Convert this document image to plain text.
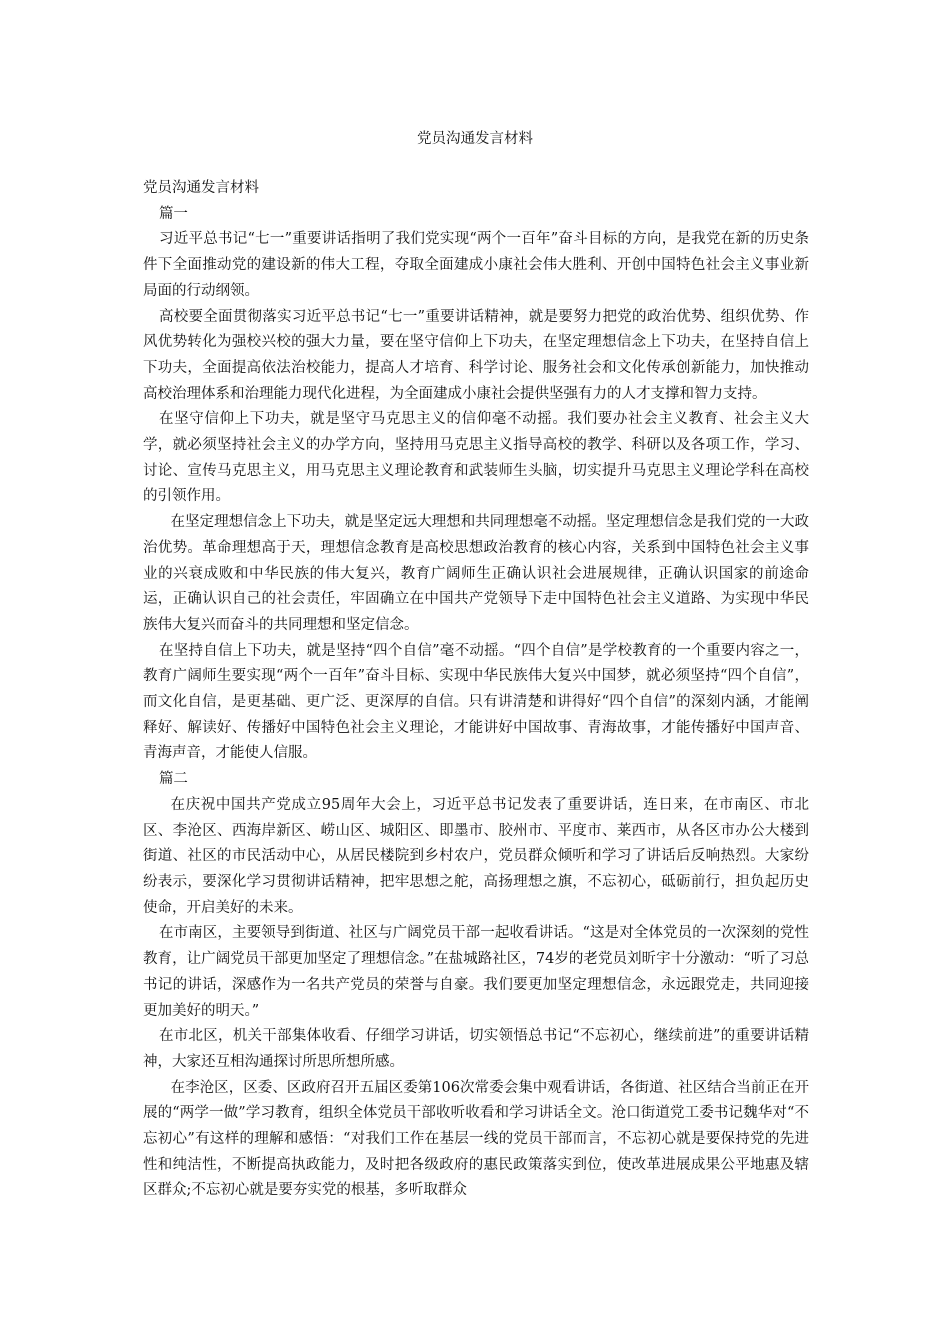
党员沟通发言材料

党员沟通发言材料

篇一

习近平总书记“七一”重要讲话指明了我们党实现“两个一百年”奋斗目标的方向，是我党在新的历史条件下全面推动党的建设新的伟大工程，夺取全面建成小康社会伟大胜利、开创中国特色社会主义事业新局面的行动纲领。

高校要全面贯彻落实习近平总书记“七一”重要讲话精神，就是要努力把党的政治优势、组织优势、作风优势转化为强校兴校的强大力量，要在坚守信仰上下功夫，在坚定理想信念上下功夫，在坚持自信上下功夫，全面提高依法治校能力，提高人才培育、科学讨论、服务社会和文化传承创新能力，加快推动高校治理体系和治理能力现代化进程，为全面建成小康社会提供坚强有力的人才支撑和智力支持。

在坚守信仰上下功夫，就是坚守马克思主义的信仰毫不动摇。我们要办社会主义教育、社会主义大学，就必须坚持社会主义的办学方向，坚持用马克思主义指导高校的教学、科研以及各项工作，学习、讨论、宣传马克思主义，用马克思主义理论教育和武装师生头脑，切实提升马克思主义理论学科在高校的引领作用。

在坚定理想信念上下功夫，就是坚定远大理想和共同理想毫不动摇。坚定理想信念是我们党的一大政治优势。革命理想高于天，理想信念教育是高校思想政治教育的核心内容，关系到中国特色社会主义事业的兴衰成败和中华民族的伟大复兴，教育广阔师生正确认识社会进展规律，正确认识国家的前途命运，正确认识自己的社会责任，牢固确立在中国共产党领导下走中国特色社会主义道路、为实现中华民族伟大复兴而奋斗的共同理想和坚定信念。

在坚持自信上下功夫，就是坚持“四个自信”毫不动摇。“四个自信”是学校教育的一个重要内容之一，教育广阔师生要实现“两个一百年”奋斗目标、实现中华民族伟大复兴中国梦，就必须坚持“四个自信”，而文化自信，是更基础、更广泛、更深厚的自信。只有讲清楚和讲得好“四个自信”的深刻内涵，才能阐释好、解读好、传播好中国特色社会主义理论，才能讲好中国故事、青海故事，才能传播好中国声音、青海声音，才能使人信服。

篇二

在庆祝中国共产党成立95周年大会上，习近平总书记发表了重要讲话，连日来，在市南区、市北区、李沧区、西海岸新区、崂山区、城阳区、即墨市、胶州市、平度市、莱西市，从各区市办公大楼到街道、社区的市民活动中心，从居民楼院到乡村农户，党员群众倾听和学习了讲话后反响热烈。大家纷纷表示，要深化学习贯彻讲话精神，把牢思想之舵，高扬理想之旗，不忘初心，砥砺前行，担负起历史使命，开启美好的未来。

在市南区，主要领导到街道、社区与广阔党员干部一起收看讲话。“这是对全体党员的一次深刻的党性教育，让广阔党员干部更加坚定了理想信念。”在盐城路社区，74岁的老党员刘昕宇十分激动：“听了习总书记的讲话，深感作为一名共产党员的荣誉与自豪。我们要更加坚定理想信念，永远跟党走，共同迎接更加美好的明天。”

在市北区，机关干部集体收看、仔细学习讲话，切实领悟总书记“不忘初心，继续前进”的重要讲话精神，大家还互相沟通探讨所思所想所感。

在李沧区，区委、区政府召开五届区委第106次常委会集中观看讲话，各街道、社区结合当前正在开展的“两学一做”学习教育，组织全体党员干部收听收看和学习讲话全文。沧口街道党工委书记魏华对“不忘初心”有这样的理解和感悟：“对我们工作在基层一线的党员干部而言，不忘初心就是要保持党的先进性和纯洁性，不断提高执政能力，及时把各级政府的惠民政策落实到位，使改革进展成果公平地惠及辖区群众;不忘初心就是要夯实党的根基，多听取群众
